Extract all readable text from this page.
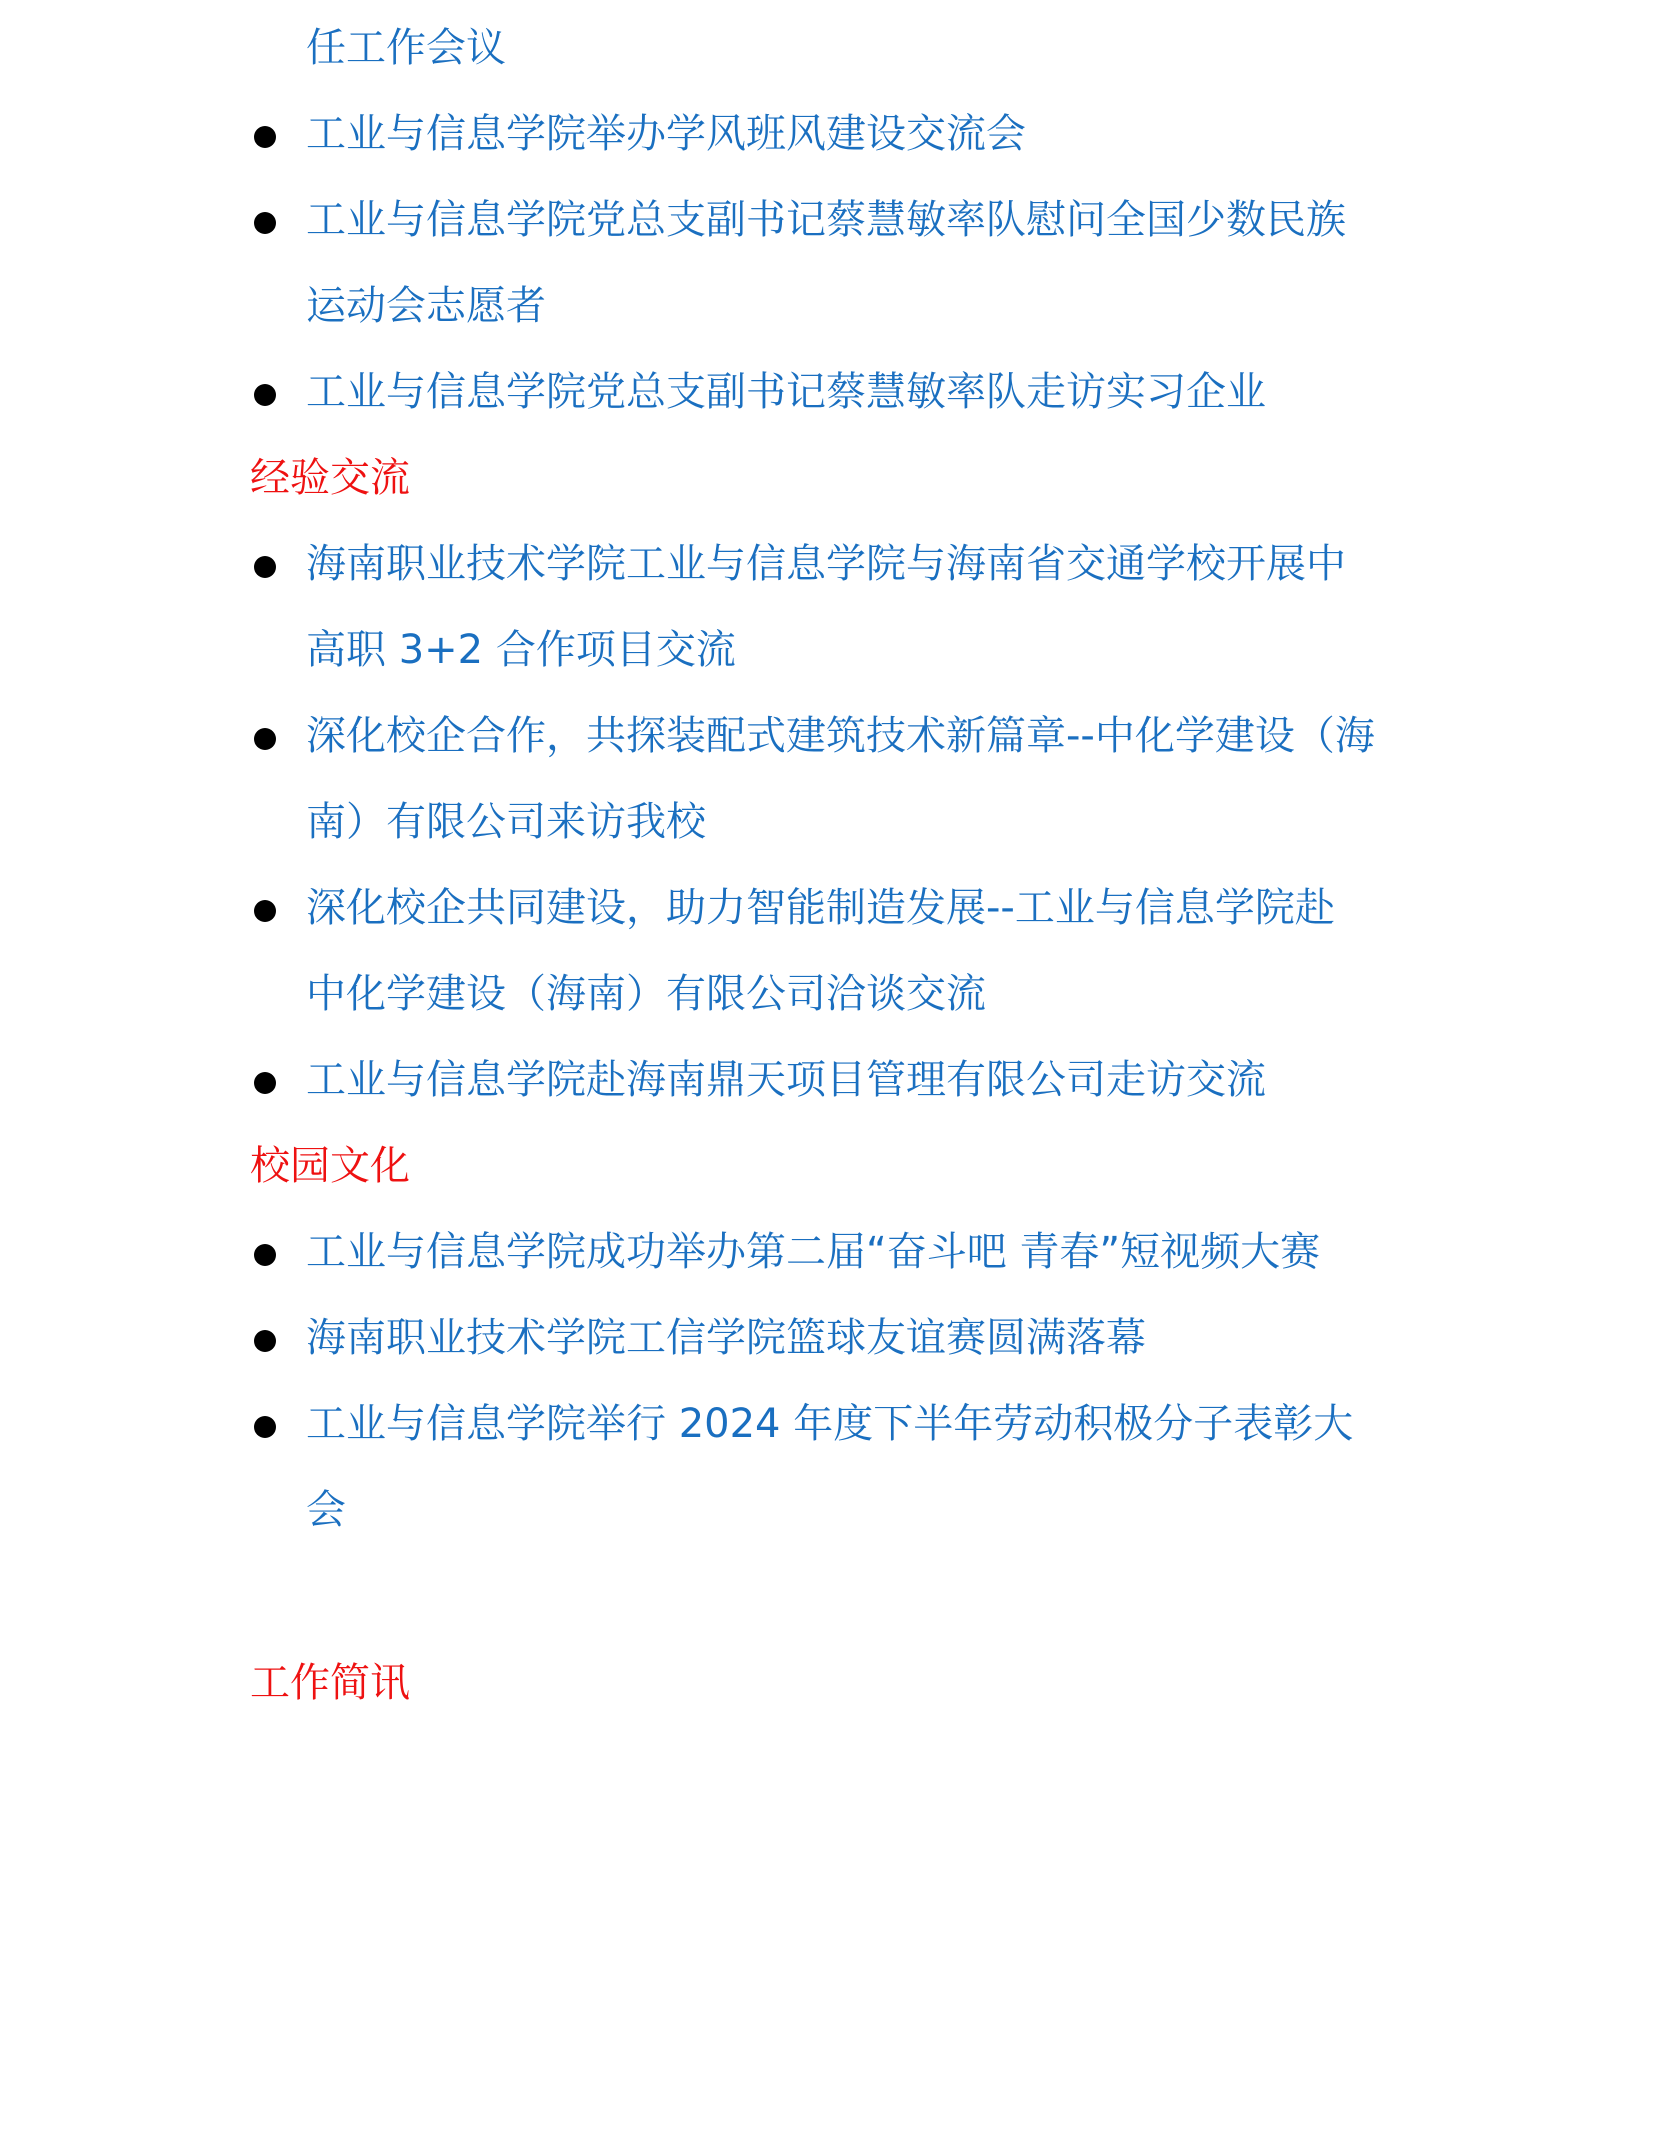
任工作会议
工业与信息学院举办学风班风建设交流会
工业与信息学院党总支副书记蔡慧敏率队慰问全国少数民族
运动会志愿者
工业与信息学院党总支副书记蔡慧敏率队走访实习企业
经验交流
海南职业技术学院工业与信息学院与海南省交通学校开展中
高职 3+2 合作项目交流
深化校企合作，共探装配式建筑技术新篇章--中化学建设（海
南）有限公司来访我校
深化校企共同建设，助力智能制造发展--工业与信息学院赴
中化学建设（海南）有限公司洽谈交流
工业与信息学院赴海南鼎天项目管理有限公司走访交流
校园文化
工业与信息学院成功举办第二届“奋斗吧 青春”短视频大赛
海南职业技术学院工信学院篮球友谊赛圆满落幕
工业与信息学院举行 2024 年度下半年劳动积极分子表彰大
会
工作简讯
